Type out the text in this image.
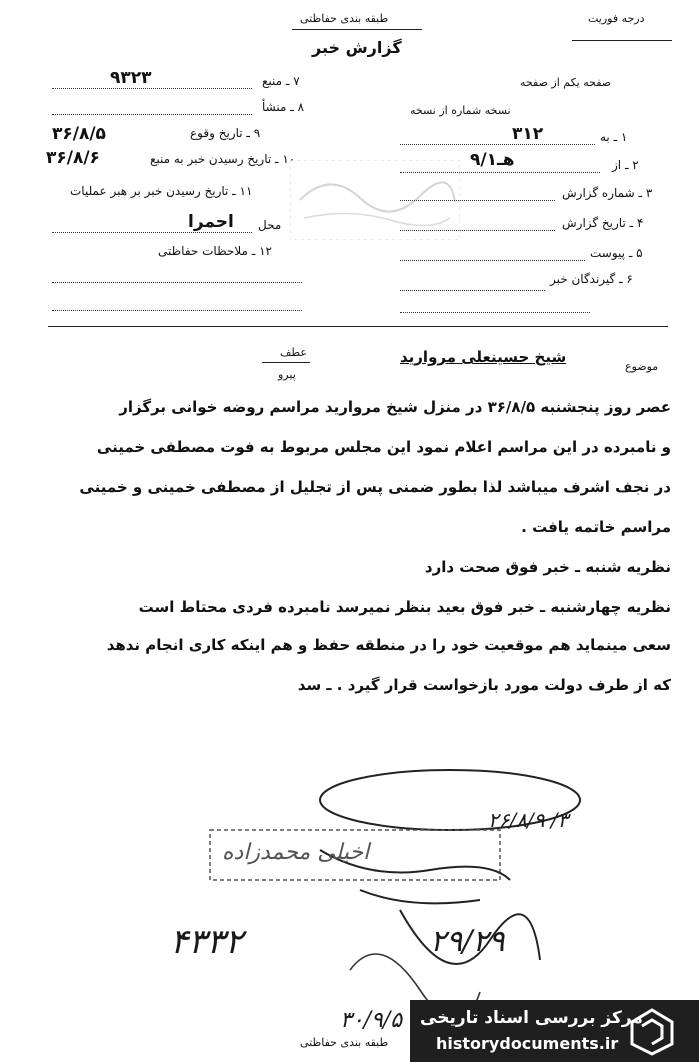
طبقه بندی حفاظتی
گزارش خبر
درجه فوریت
صفحه یکم از صفحه
نسخه شماره از نسخه
۷ ـ منبع
۹۳۲۳
۸ ـ منشأ
۹ ـ تاریخ وقوع
۳۶/۸/۵
۱۰ ـ تاریخ رسیدن خبر به منبع
۳۶/۸/۶
۱۱ ـ تاریخ رسیدن خبر بر هبر عملیات
محل
احمرا
۱۲ ـ ملاحظات حفاظتی
۱ ـ به
۳۱۲
۲ ـ از
۹/هـ۱
۳ ـ شماره گزارش
۴ ـ تاریخ گزارش
۵ ـ پیوست
۶ ـ گیرندگان خبر
موضوع
شیخ حسینعلی مروارید
عطف
پیرو
عصر روز پنجشنبه ۳۶/۸/۵ در منزل شیخ مروارید مراسم روضه خوانی برگزار
و نامبرده در این مراسم اعلام نمود این مجلس مربوط به فوت مصطفی خمینی
در نجف اشرف میباشد لذا بطور ضمنی پس از تجلیل از مصطفی خمینی و خمینی
مراسم خاتمه یافت .
نظریه شنبه ـ خبر فوق صحت دارد
نظریه چهارشنبه ـ خبر فوق بعید بنظر نمیرسد نامبرده فردی محتاط است
سعی مینماید هم موقعیت خود را در منطقه حفظ و هم اینکه کاری انجام ندهد
که از طرف دولت مورد بازخواست قرار گیرد . ـ سد
۲۶/۸/۹ /۳
اخیلی محمدزاده
۴۳۳۲	۲۹/۲۹
۳۰/۹/۵
طبقه بندی حفاظتی
مرکز بررسی اسناد تاریخی
historydocuments.ir
